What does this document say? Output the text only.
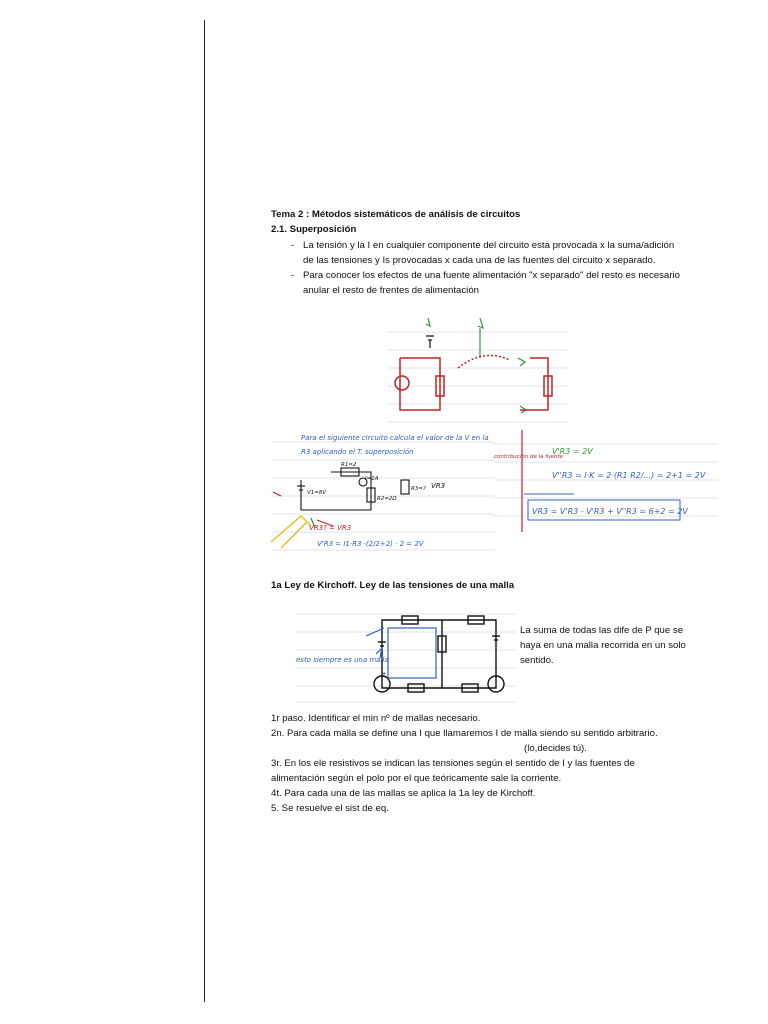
Tema 2 : Métodos sistemáticos de análisis de circuitos
2.1. Superposición
- La tensión y la I en cualquier componente del circuito esta provocada x la suma/adición
de las tensiones y Is provocadas x cada una de las fuentes del circuito x separado.
- Para conocer los efectos de una fuente alimentación "x separado" del resto es necesario
anular el resto de frentes de alimentación
Para el siguiente circuito calcula el valor de la V en la
R3 aplicando el T. superposición
R1=2
V1=8V
I=1A
R2=2Ω
R3=? VR3
VR3? = VR3
V'R3 = I1·R3 ·(2/2+2) · 2 = 2V
contribución de la fuente
V'R3 = 2V
V''R3 = I·K = 2·(R1 R2/...) = 2+1 = 2V
VR3 = V'R3 - V'R3 + V''R3 = 6+2 = 2V
1a Ley de Kirchoff. Ley de las tensiones de una malla
esto siempre es una malla
+
La suma de todas las dife de P que se
haya en una malla recorrida en un solo
sentido.
1r paso. Identificar el min nº de mallas necesario.
2n. Para cada malla se define una I que llamaremos I de malla siendo su sentido arbitrario.
(lo,decides tú).
3r. En los ele resistivos se indican las tensiones según el sentido de I y las fuentes de
alimentación según el polo por el que teóricamente sale la corriente.
4t. Para cada una de las mallas se aplica la 1a ley de Kirchoff.
5. Se resuelve el sist de eq.
